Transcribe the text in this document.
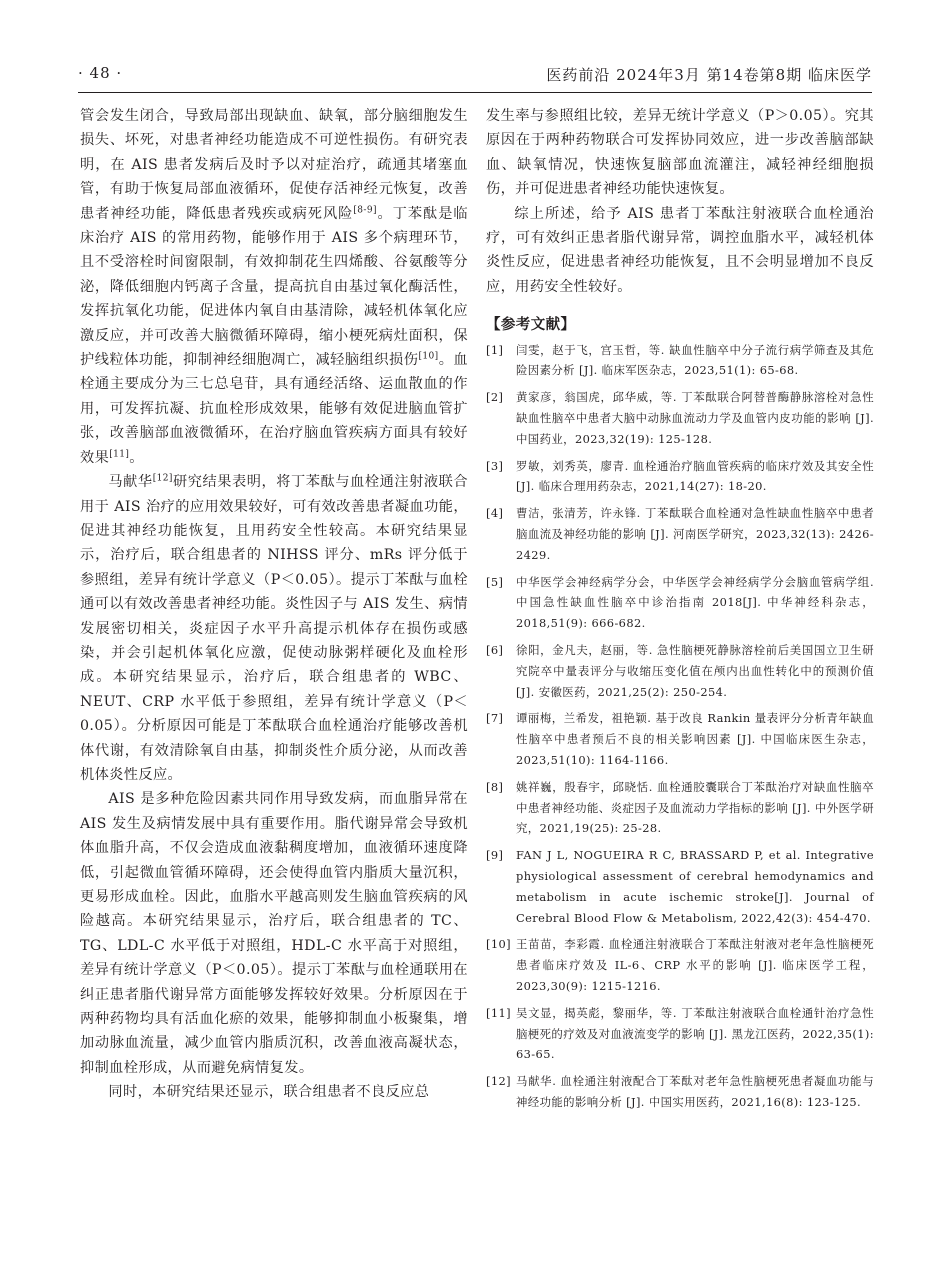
· 48 ·	医药前沿 2024年3月 第14卷第8期 临床医学

管会发生闭合，导致局部出现缺血、缺氧，部分脑细胞发生损失、坏死，对患者神经功能造成不可逆性损伤。有研究表明，在 AIS 患者发病后及时予以对症治疗，疏通其堵塞血管，有助于恢复局部血液循环，促使存活神经元恢复，改善患者神经功能，降低患者残疾或病死风险[8-9]。丁苯酞是临床治疗 AIS 的常用药物，能够作用于 AIS 多个病理环节，且不受溶栓时间窗限制，有效抑制花生四烯酸、谷氨酸等分泌，降低细胞内钙离子含量，提高抗自由基过氧化酶活性，发挥抗氧化功能，促进体内氧自由基清除，减轻机体氧化应激反应，并可改善大脑微循环障碍，缩小梗死病灶面积，保护线粒体功能，抑制神经细胞凋亡，减轻脑组织损伤[10]。血栓通主要成分为三七总皂苷，具有通经活络、运血散血的作用，可发挥抗凝、抗血栓形成效果，能够有效促进脑血管扩张，改善脑部血液微循环，在治疗脑血管疾病方面具有较好效果[11]。

马献华[12]研究结果表明，将丁苯酞与血栓通注射液联合用于 AIS 治疗的应用效果较好，可有效改善患者凝血功能，促进其神经功能恢复，且用药安全性较高。本研究结果显示，治疗后，联合组患者的 NIHSS 评分、mRs 评分低于参照组，差异有统计学意义（P＜0.05）。提示丁苯酞与血栓通可以有效改善患者神经功能。炎性因子与 AIS 发生、病情发展密切相关，炎症因子水平升高提示机体存在损伤或感染，并会引起机体氧化应激，促使动脉粥样硬化及血栓形成。本研究结果显示，治疗后，联合组患者的 WBC、NEUT、CRP 水平低于参照组，差异有统计学意义（P＜0.05）。分析原因可能是丁苯酞联合血栓通治疗能够改善机体代谢，有效清除氧自由基，抑制炎性介质分泌，从而改善机体炎性反应。

AIS 是多种危险因素共同作用导致发病，而血脂异常在 AIS 发生及病情发展中具有重要作用。脂代谢异常会导致机体血脂升高，不仅会造成血液黏稠度增加，血液循环速度降低，引起微血管循环障碍，还会使得血管内脂质大量沉积，更易形成血栓。因此，血脂水平越高则发生脑血管疾病的风险越高。本研究结果显示，治疗后，联合组患者的 TC、TG、LDL-C 水平低于对照组，HDL-C 水平高于对照组，差异有统计学意义（P＜0.05）。提示丁苯酞与血栓通联用在纠正患者脂代谢异常方面能够发挥较好效果。分析原因在于两种药物均具有活血化瘀的效果，能够抑制血小板聚集，增加动脉血流量，减少血管内脂质沉积，改善血液高凝状态，抑制血栓形成，从而避免病情复发。

同时，本研究结果还显示，联合组患者不良反应总

发生率与参照组比较，差异无统计学意义（P＞0.05）。究其原因在于两种药物联合可发挥协同效应，进一步改善脑部缺血、缺氧情况，快速恢复脑部血流灌注，减轻神经细胞损伤，并可促进患者神经功能快速恢复。

综上所述，给予 AIS 患者丁苯酞注射液联合血栓通治疗，可有效纠正患者脂代谢异常，调控血脂水平，减轻机体炎性反应，促进患者神经功能恢复，且不会明显增加不良反应，用药安全性较好。

【参考文献】
[1] 闫雯，赵于飞，宫玉哲，等. 缺血性脑卒中分子流行病学筛查及其危险因素分析 [J]. 临床军医杂志，2023,51(1): 65-68.
[2] 黄家彦，翁国虎，邱华威，等. 丁苯酞联合阿替普酶静脉溶栓对急性缺血性脑卒中患者大脑中动脉血流动力学及血管内皮功能的影响 [J]. 中国药业，2023,32(19): 125-128.
[3] 罗敏，刘秀英，廖青. 血栓通治疗脑血管疾病的临床疗效及其安全性 [J]. 临床合理用药杂志，2021,14(27): 18-20.
[4] 曹洁，张清芳，许永锋. 丁苯酞联合血栓通对急性缺血性脑卒中患者脑血流及神经功能的影响 [J]. 河南医学研究，2023,32(13): 2426-2429.
[5] 中华医学会神经病学分会，中华医学会神经病学分会脑血管病学组. 中国急性缺血性脑卒中诊治指南 2018[J]. 中华神经科杂志，2018,51(9): 666-682.
[6] 徐阳，金凡夫，赵丽，等. 急性脑梗死静脉溶栓前后美国国立卫生研究院卒中量表评分与收缩压变化值在颅内出血性转化中的预测价值 [J]. 安徽医药，2021,25(2): 250-254.
[7] 谭丽梅，兰希发，祖艳颖. 基于改良 Rankin 量表评分分析青年缺血性脑卒中患者预后不良的相关影响因素 [J]. 中国临床医生杂志，2023,51(10): 1164-1166.
[8] 姚祥巍，殷春宇，邱晓恬. 血栓通胶囊联合丁苯酞治疗对缺血性脑卒中患者神经功能、炎症因子及血流动力学指标的影响 [J]. 中外医学研究，2021,19(25): 25-28.
[9] FAN J L, NOGUEIRA R C, BRASSARD P, et al. Integrative physiological assessment of cerebral hemodynamics and metabolism in acute ischemic stroke[J]. Journal of Cerebral Blood Flow & Metabolism, 2022,42(3): 454-470.
[10] 王苗苗，李彩霞. 血栓通注射液联合丁苯酞注射液对老年急性脑梗死患者临床疗效及 IL-6、CRP 水平的影响 [J]. 临床医学工程，2023,30(9): 1215-1216.
[11] 吴文显，揭英彪，黎丽华，等. 丁苯酞注射液联合血栓通针治疗急性脑梗死的疗效及对血液流变学的影响 [J]. 黑龙江医药，2022,35(1): 63-65.
[12] 马献华. 血栓通注射液配合丁苯酞对老年急性脑梗死患者凝血功能与神经功能的影响分析 [J]. 中国实用医药，2021,16(8): 123-125.
